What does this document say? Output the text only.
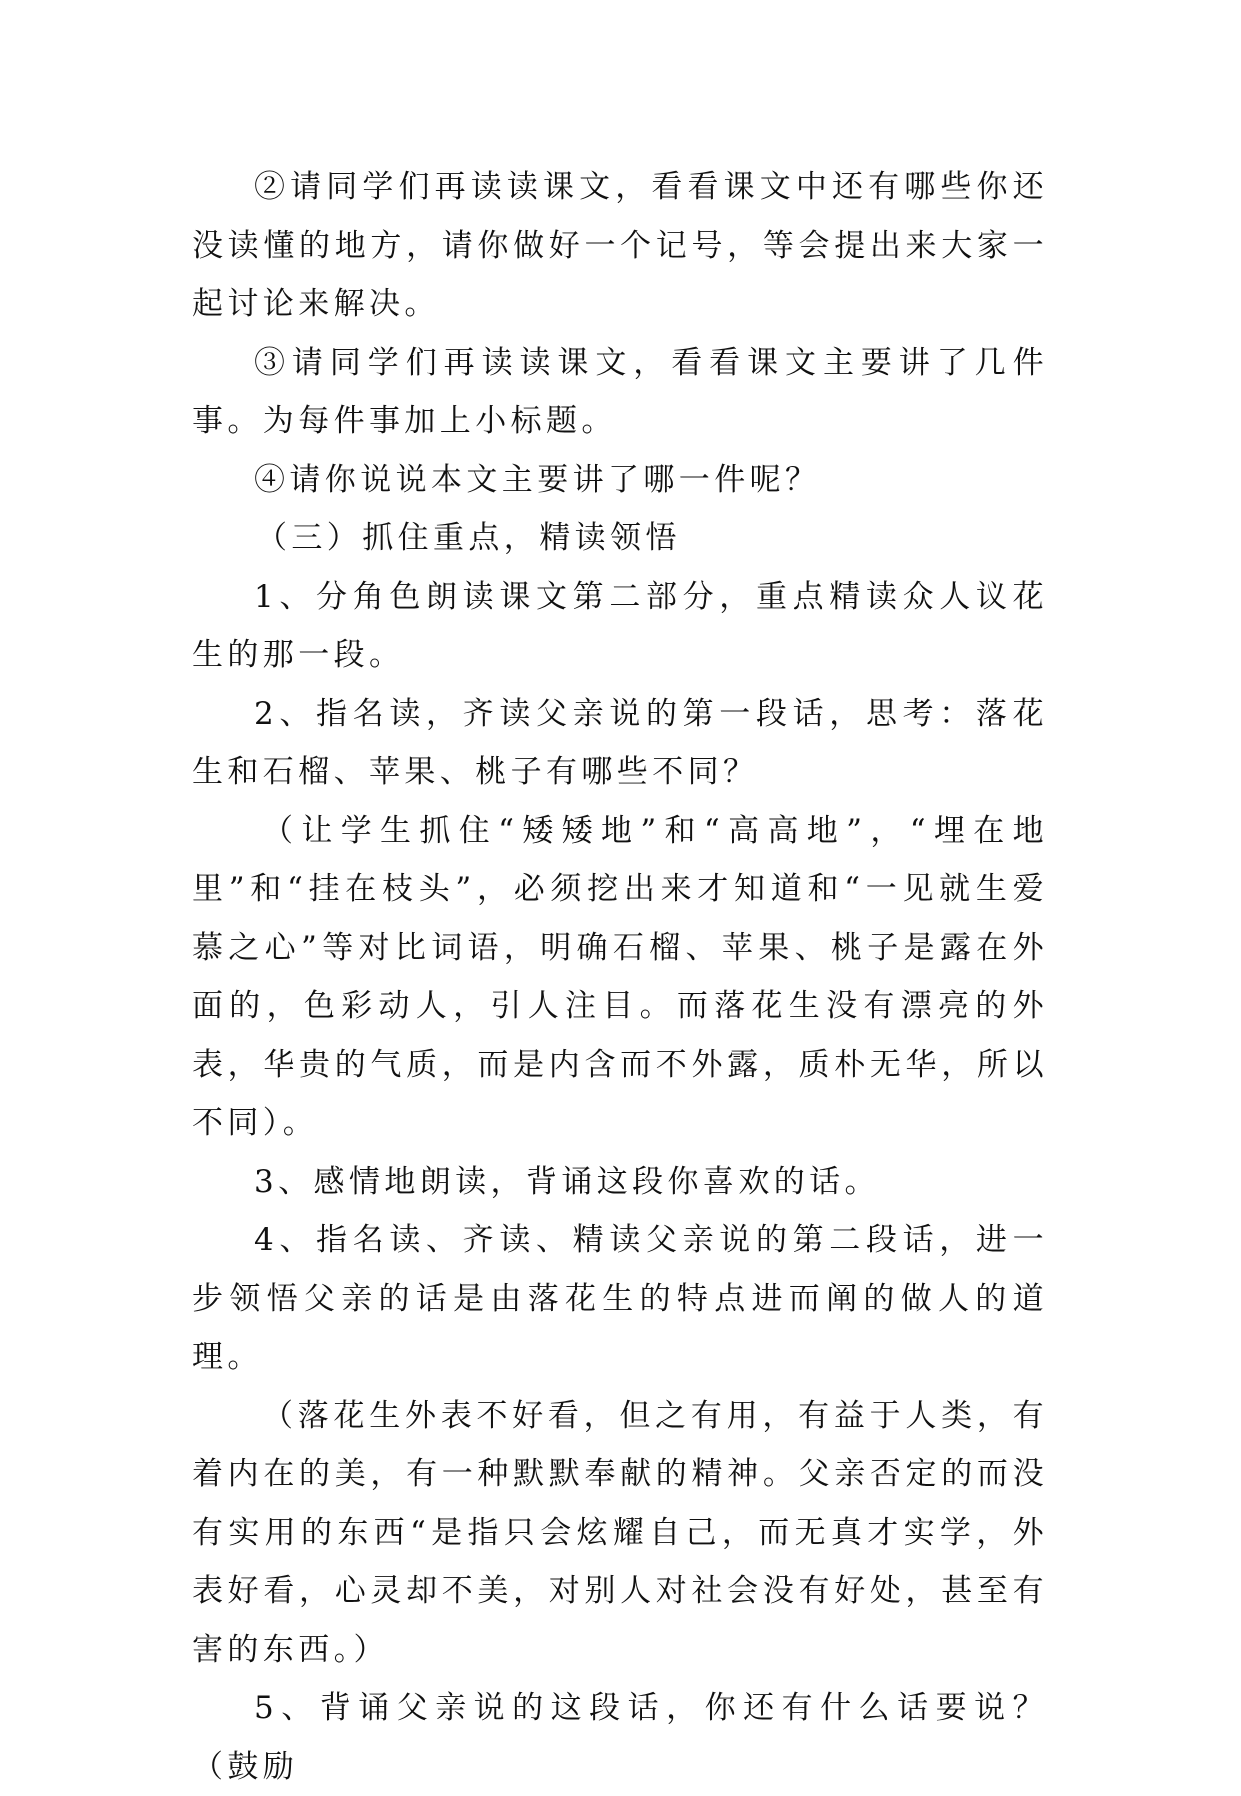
②请同学们再读读课文，看看课文中还有哪些你还没读懂的地方，请你做好一个记号，等会提出来大家一起讨论来解决。

③请同学们再读读课文，看看课文主要讲了几件事。为每件事加上小标题。

④请你说说本文主要讲了哪一件呢？

（三）抓住重点，精读领悟

1、分角色朗读课文第二部分，重点精读众人议花生的那一段。

2、指名读，齐读父亲说的第一段话，思考：落花生和石榴、苹果、桃子有哪些不同？

（让学生抓住“矮矮地”和“高高地”，“埋在地里”和“挂在枝头”，必须挖出来才知道和“一见就生爱慕之心”等对比词语，明确石榴、苹果、桃子是露在外面的，色彩动人，引人注目。而落花生没有漂亮的外表，华贵的气质，而是内含而不外露，质朴无华，所以不同）。

3、感情地朗读，背诵这段你喜欢的话。

4、指名读、齐读、精读父亲说的第二段话，进一步领悟父亲的话是由落花生的特点进而阐的做人的道理。

（落花生外表不好看，但之有用，有益于人类，有着内在的美，有一种默默奉献的精神。父亲否定的而没有实用的东西“是指只会炫耀自己，而无真才实学，外表好看，心灵却不美，对别人对社会没有好处，甚至有害的东西。）

5、背诵父亲说的这段话，你还有什么话要说？（鼓励
